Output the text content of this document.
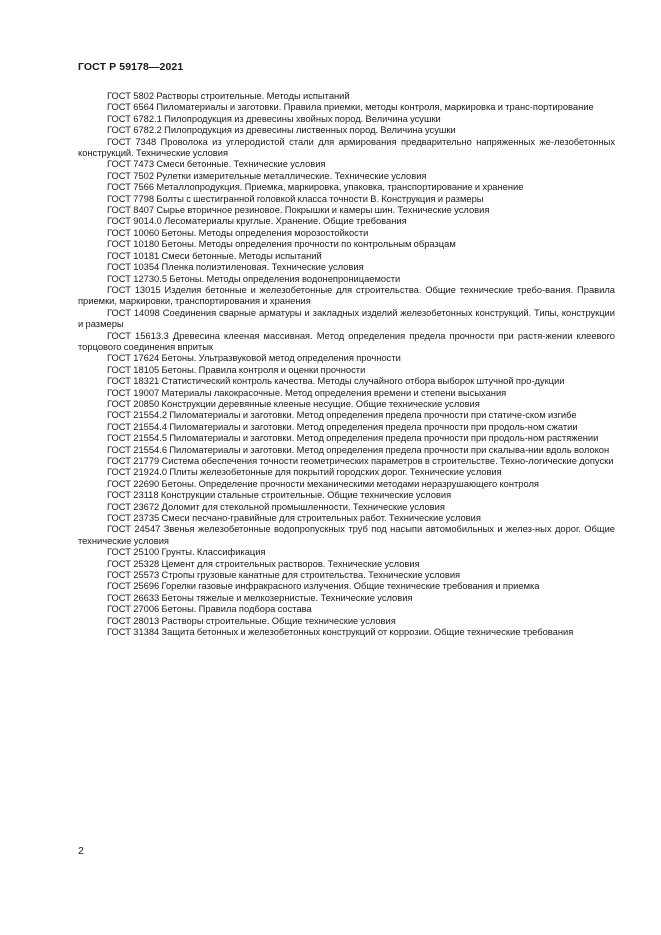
ГОСТ Р 59178—2021
ГОСТ 5802 Растворы строительные. Методы испытаний
ГОСТ 6564 Пиломатериалы и заготовки. Правила приемки, методы контроля, маркировка и транс-портирование
ГОСТ 6782.1 Пилопродукция из древесины хвойных пород. Величина усушки
ГОСТ 6782.2 Пилопродукция из древесины лиственных пород. Величина усушки
ГОСТ 7348 Проволока из углеродистой стали для армирования предварительно напряженных же-лезобетонных конструкций. Технические условия
ГОСТ 7473 Смеси бетонные. Технические условия
ГОСТ 7502 Рулетки измерительные металлические. Технические условия
ГОСТ 7566 Металлопродукция. Приемка, маркировка, упаковка, транспортирование и хранение
ГОСТ 7798 Болты с шестигранной головкой класса точности В. Конструкция и размеры
ГОСТ 8407 Сырье вторичное резиновое. Покрышки и камеры шин. Технические условия
ГОСТ 9014.0 Лесоматериалы круглые. Хранение. Общие требования
ГОСТ 10060 Бетоны. Методы определения морозостойкости
ГОСТ 10180 Бетоны. Методы определения прочности по контрольным образцам
ГОСТ 10181 Смеси бетонные. Методы испытаний
ГОСТ 10354 Пленка полиэтиленовая. Технические условия
ГОСТ 12730.5 Бетоны. Методы определения водонепроницаемости
ГОСТ 13015 Изделия бетонные и железобетонные для строительства. Общие технические требо-вания. Правила приемки, маркировки, транспортирования и хранения
ГОСТ 14098 Соединения сварные арматуры и закладных изделий железобетонных конструкций. Типы, конструкции и размеры
ГОСТ 15613.3 Древесина клееная массивная. Метод определения предела прочности при растя-жении клеевого торцового соединения впритык
ГОСТ 17624 Бетоны. Ультразвуковой метод определения прочности
ГОСТ 18105 Бетоны. Правила контроля и оценки прочности
ГОСТ 18321 Статистический контроль качества. Методы случайного отбора выборок штучной про-дукции
ГОСТ 19007 Материалы лакокрасочные. Метод определения времени и степени высыхания
ГОСТ 20850 Конструкции деревянные клееные несущие. Общие технические условия
ГОСТ 21554.2 Пиломатериалы и заготовки. Метод определения предела прочности при статиче-ском изгибе
ГОСТ 21554.4 Пиломатериалы и заготовки. Метод определения предела прочности при продоль-ном сжатии
ГОСТ 21554.5 Пиломатериалы и заготовки. Метод определения предела прочности при продоль-ном растяжении
ГОСТ 21554.6 Пиломатериалы и заготовки. Метод определения предела прочности при скалыва-нии вдоль волокон
ГОСТ 21779 Система обеспечения точности геометрических параметров в строительстве. Техно-логические допуски
ГОСТ 21924.0 Плиты железобетонные для покрытий городских дорог. Технические условия
ГОСТ 22690 Бетоны. Определение прочности механическими методами неразрушающего контроля
ГОСТ 23118 Конструкции стальные строительные. Общие технические условия
ГОСТ 23672 Доломит для стекольной промышленности. Технические условия
ГОСТ 23735 Смеси песчано-гравийные для строительных работ. Технические условия
ГОСТ 24547 Звенья железобетонные водопропускных труб под насыпи автомобильных и желез-ных дорог. Общие технические условия
ГОСТ 25100 Грунты. Классификация
ГОСТ 25328 Цемент для строительных растворов. Технические условия
ГОСТ 25573 Стропы грузовые канатные для строительства. Технические условия
ГОСТ 25696 Горелки газовые инфракрасного излучения. Общие технические требования и приемка
ГОСТ 26633 Бетоны тяжелые и мелкозернистые. Технические условия
ГОСТ 27006 Бетоны. Правила подбора состава
ГОСТ 28013 Растворы строительные. Общие технические условия
ГОСТ 31384 Защита бетонных и железобетонных конструкций от коррозии. Общие технические требования
2
